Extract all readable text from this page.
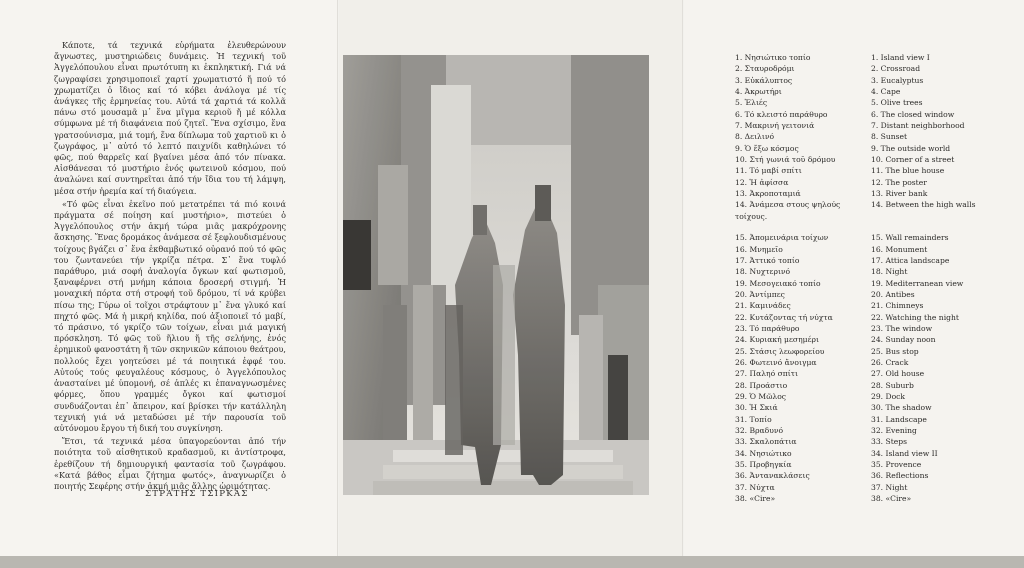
Κάποτε, τά τεχνικά εὑρήματα ἐλευθερώνουν ἄγνωστες, μυστηριώδεις δυνάμεις. Ἡ τεχνική τοῦ Ἀγγελόπουλου εἶναι πρωτότυπη κι ἐκπληκτική. Γιά νά ζωγραφίσει χρησιμοποιεῖ χαρτί χρωματιστό ἤ πού τό χρωματίζει ὁ ἴδιος καί τό κόβει ἀνάλογα μέ τίς ἀνάγκες τῆς ἑρμηνείας του. Αὐτά τά χαρτιά τά κολλᾶ πάνω στό μουσαμᾶ μ᾽ ἕνα μῖγμα κεριοῦ ἤ μέ κόλλα σύμφωνα μέ τή διαφάνεια πού ζητεῖ. Ἕνα σχίσιμο, ἕνα γρατσούνισμα, μιά τομή, ἕνα δίπλωμα τοῦ χαρτιοῦ κι ὁ ζωγράφος, μ᾽ αὐτό τό λεπτό παιχνίδι καθηλώνει τό φῶς, πού θαρρεῖς καί βγαίνει μέσα ἀπό τόν πίνακα. Αἰσθάνεσαι τό μυστήριο ἑνός φωτεινοῦ κόσμου, πού ἀναλώνει καί συντηρεῖται ἀπό τήν ἴδια του τή λάμψη, μέσα στήν ἠρεμία καί τή διαύγεια.

«Τό φῶς εἶναι ἐκεῖνο πού μετατρέπει τά πιό κοινά πράγματα σέ ποίηση καί μυστήριο», πιστεύει ὁ Ἀγγελόπουλος στήν ἀκμή τώρα μιᾶς μακρόχρονης ἄσκησης. Ἕνας δρομάκος ἀνάμεσα σέ ξεφλουδισμένους τοίχους βγάζει σ᾽ ἕνα ἐκθαμβωτικό οὐρανό πού τό φῶς του ζωντανεύει τήν γκρίζα πέτρα. Σ᾽ ἕνα τυφλό παράθυρο, μιά σοφή ἀναλογία ὄγκων καί φωτισμοῦ, ξαναφέρνει στή μνήμη κάποια δροσερή στιγμή. Ἡ μοναχική πόρτα στή στροφή τοῦ δρόμου, τί νά κρύβει πίσω της; Γύρω οἱ τοῖχοι στράφτουν μ᾽ ἕνα γλυκό καί πηχτό φῶς. Μά ἡ μικρή κηλίδα, πού ἀξιοποιεῖ τό μαβί, τό πράσινο, τό γκρίζο τῶν τοίχων, εἶναι μιά μαγική πρόσκληση. Τό φῶς τοῦ ἥλιου ἤ τῆς σελήνης, ἑνός ἐρημικοῦ φανοστάτη ἤ τῶν σκηνικῶν κάποιου θεάτρου, πολλούς ἔχει γοητεύσει μέ τά ποιητικά ἐφφέ του. Αὐτούς τούς φευγαλέους κόσμους, ὁ Ἀγγελόπουλος ἀνασταίνει μέ ὑπομονή, σέ ἁπλές κι ἐπαναγνωσμένες φόρμες, ὅπου γραμμές ὄγκοι καί φωτισμοί συνδυάζονται ἐπ᾽ ἄπειρον, καί βρίσκει τήν κατάλληλη τεχνική γιά νά μεταδώσει μέ τήν παρουσία τοῦ αὐτόνομου ἔργου τή δική του συγκίνηση.

Ἔτσι, τά τεχνικά μέσα ὑπαγορεύονται ἀπό τήν ποιότητα τοῦ αἰσθητικοῦ κραδασμοῦ, κι ἀντίστροφα, ἐρεθίζουν τή δημιουργική φαντασία τοῦ ζωγράφου. «Κατά βάθος εἶμαι ζήτημα φωτός», ἀναγνωρίζει ὁ ποιητής Σεφέρης στήν ἀκμή μιᾶς ἄλλης ὡριμότητας.

ΣΤΡΑΤΗΣ ΤΣΙΡΚΑΣ
1. Νησιώτικο τοπίο
2. Σταυροδρόμι
3. Εὐκάλυπτος
4. Ἀκρωτήρι
5. Ἐλιές
6. Τό κλειστό παράθυρο
7. Μακρινή γειτονιά
8. Δειλινό
9. Ὁ ἔξω κόσμος
10. Στή γωνιά τοῦ δρόμου
11. Τό μαβί σπίτι
12. Ἡ ἀφίσσα
13. Ἀκροποταμιά
14. Ἀνάμεσα στους ψηλούς τοίχους.
15. Ἀπομεινάρια τοίχων
16. Μνημεῖο
17. Ἀττικό τοπίο
18. Νυχτερινό
19. Μεσογειακό τοπίο
20. Ἀντίμπες
21. Καμινάδες
22. Κυτάζοντας τή νύχτα
23. Τό παράθυρο
24. Κυριακή μεσημέρι
25. Στάσις λεωφορείου
26. Φωτεινό ἄνοιγμα
27. Παληό σπίτι
28. Προάστιο
29. Ὁ Μῶλος
30. Ἡ Σκιά
31. Τοπίο
32. Βραδυνό
33. Σκαλοπάτια
34. Νησιώτικο
35. Προβηγκία
36. Ἀντανακλάσεις
37. Νύχτα
38. «Cire»
1. Island view I
2. Crossroad
3. Eucalyptus
4. Cape
5. Olive trees
6. The closed window
7. Distant neighborhood
8. Sunset
9. The outside world
10. Corner of a street
11. The blue house
12. The poster
13. River bank
14. Between the high walls
15. Wall remainders
16. Monument
17. Attica landscape
18. Night
19. Mediterranean view
20. Antibes
21. Chimneys
22. Watching the night
23. The window
24. Sunday noon
25. Bus stop
26. Crack
27. Old house
28. Suburb
29. Dock
30. The shadow
31. Landscape
32. Evening
33. Steps
34. Island view II
35. Provence
36. Reflections
37. Night
38. «Cire»
